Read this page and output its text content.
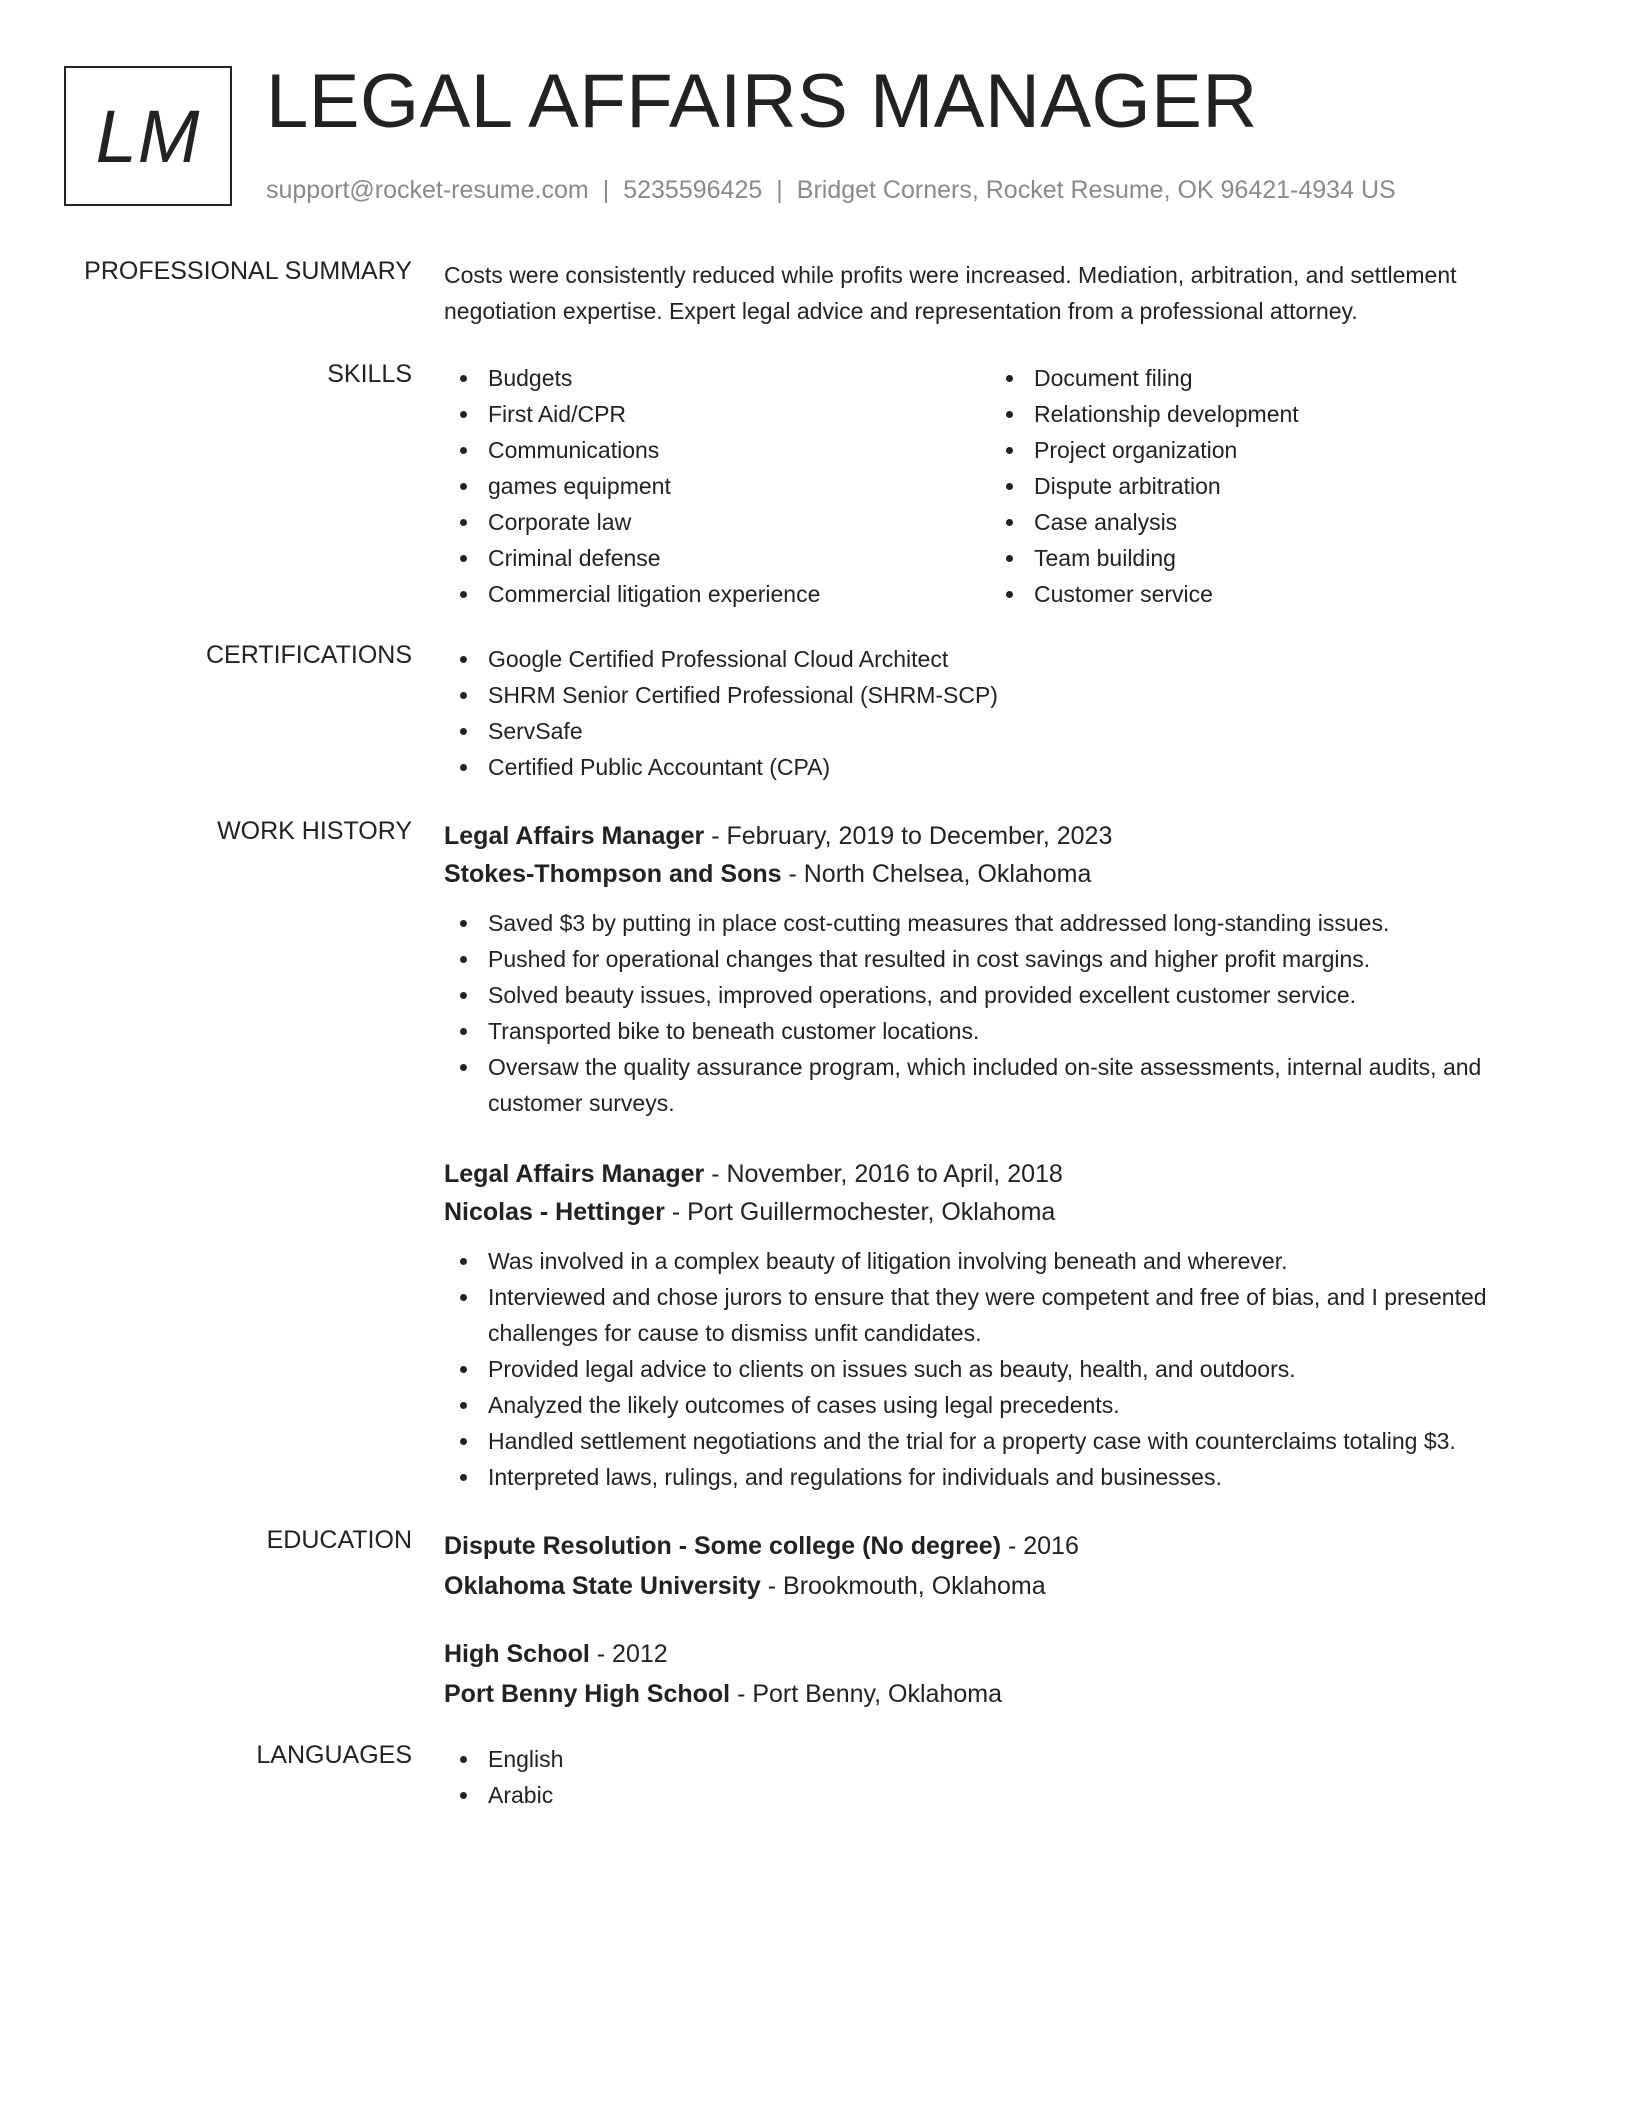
LM LEGAL AFFAIRS MANAGER
support@rocket-resume.com | 5235596425 | Bridget Corners, Rocket Resume, OK 96421-4934 US
PROFESSIONAL SUMMARY Costs were consistently reduced while profits were increased. Mediation, arbitration, and settlement negotiation expertise. Expert legal advice and representation from a professional attorney.

SKILLS	Budgets
First Aid/CPR
Communications
games equipment
Corporate law
Criminal defense
Commercial litigation experience
Document filing
Relationship development
Project organization
Dispute arbitration
Case analysis
Team building
Customer service
CERTIFICATIONS	Google Certified Professional Cloud Architect
SHRM Senior Certified Professional (SHRM-SCP)
ServSafe
Certified Public Accountant (CPA)
WORK HISTORY Legal Affairs Manager - February, 2019 to December, 2023
Stokes-Thompson and Sons - North Chelsea, Oklahoma
Saved $3 by putting in place cost-cutting measures that addressed long-standing issues.
Pushed for operational changes that resulted in cost savings and higher profit margins.
Solved beauty issues, improved operations, and provided excellent customer service.
Transported bike to beneath customer locations.
Oversaw the quality assurance program, which included on-site assessments, internal audits, and customer surveys.
Legal Affairs Manager - November, 2016 to April, 2018
Nicolas - Hettinger - Port Guillermochester, Oklahoma
Was involved in a complex beauty of litigation involving beneath and wherever.
Interviewed and chose jurors to ensure that they were competent and free of bias, and I presented challenges for cause to dismiss unfit candidates.
Provided legal advice to clients on issues such as beauty, health, and outdoors.
Analyzed the likely outcomes of cases using legal precedents.
Handled settlement negotiations and the trial for a property case with counterclaims totaling $3.
Interpreted laws, rulings, and regulations for individuals and businesses.
EDUCATION Dispute Resolution - Some college (No degree) - 2016
Oklahoma State University - Brookmouth, Oklahoma
High School - 2012
Port Benny High School - Port Benny, Oklahoma
LANGUAGES	English
Arabic
